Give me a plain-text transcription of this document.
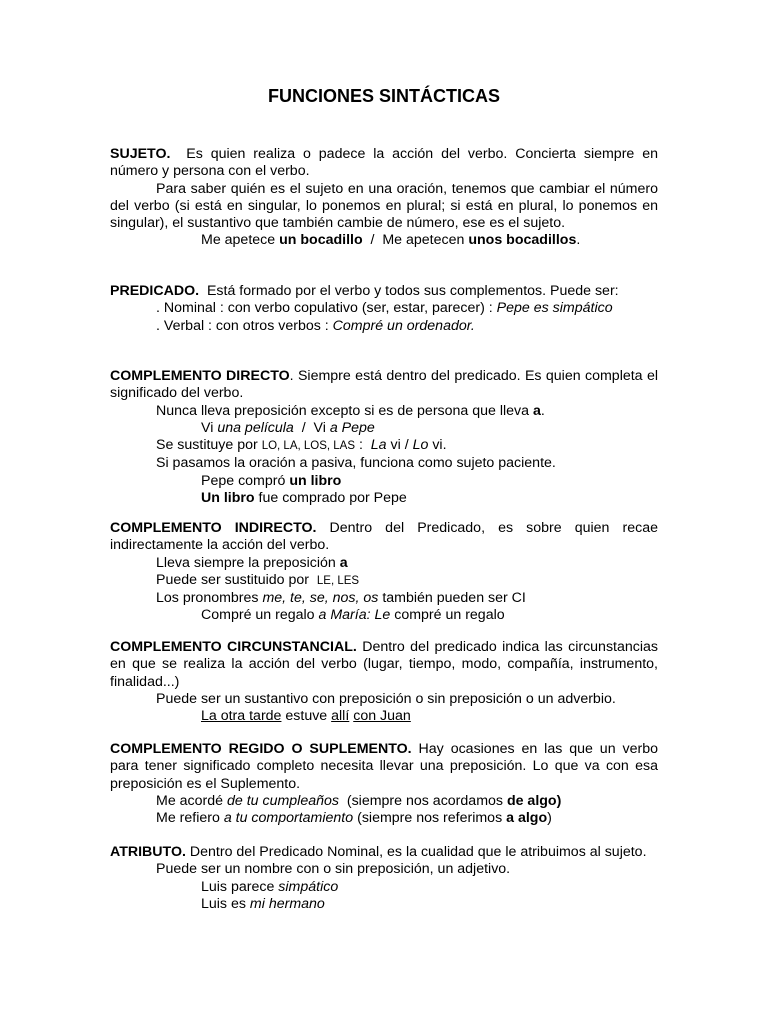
FUNCIONES SINTÁCTICAS

SUJETO. Es quien realiza o padece la acción del verbo. Concierta siempre en número y persona con el verbo.

Para saber quién es el sujeto en una oración, tenemos que cambiar el número del verbo (si está en singular, lo ponemos en plural; si está en plural, lo ponemos en singular), el sustantivo que también cambie de número, ese es el sujeto.

Me apetece un bocadillo  /  Me apetecen unos bocadillos.

PREDICADO. Está formado por el verbo y todos sus complementos. Puede ser:

. Nominal : con verbo copulativo (ser, estar, parecer) : Pepe es simpático

. Verbal : con otros verbos : Compré un ordenador.

COMPLEMENTO DIRECTO. Siempre está dentro del predicado. Es quien completa el significado del verbo.

Nunca lleva preposición excepto si es de persona que lleva a.

Vi una película  /  Vi a Pepe

Se sustituye por LO, LA, LOS, LAS :  La vi / Lo vi.

Si pasamos la oración a pasiva, funciona como sujeto paciente.

Pepe compró un libro

Un libro fue comprado por Pepe

COMPLEMENTO INDIRECTO. Dentro del Predicado, es sobre quien recae indirectamente la acción del verbo.

Lleva siempre la preposición a

Puede ser sustituido por  LE, LES

Los pronombres me, te, se, nos, os también pueden ser CI

Compré un regalo a María: Le compré un regalo

COMPLEMENTO CIRCUNSTANCIAL. Dentro del predicado indica las circunstancias en que se realiza la acción del verbo (lugar, tiempo, modo, compañía, instrumento, finalidad...)

Puede ser un sustantivo con preposición o sin preposición o un adverbio.

La otra tarde estuve allí con Juan

COMPLEMENTO REGIDO O SUPLEMENTO. Hay ocasiones en las que un verbo para tener significado completo necesita llevar una preposición. Lo que va con esa preposición es el Suplemento.

Me acordé de tu cumpleaños  (siempre nos acordamos de algo)

Me refiero a tu comportamiento (siempre nos referimos a algo)

ATRIBUTO. Dentro del Predicado Nominal, es la cualidad que le atribuimos al sujeto.

Puede ser un nombre con o sin preposición, un adjetivo.

Luis parece simpático

Luis es mi hermano
